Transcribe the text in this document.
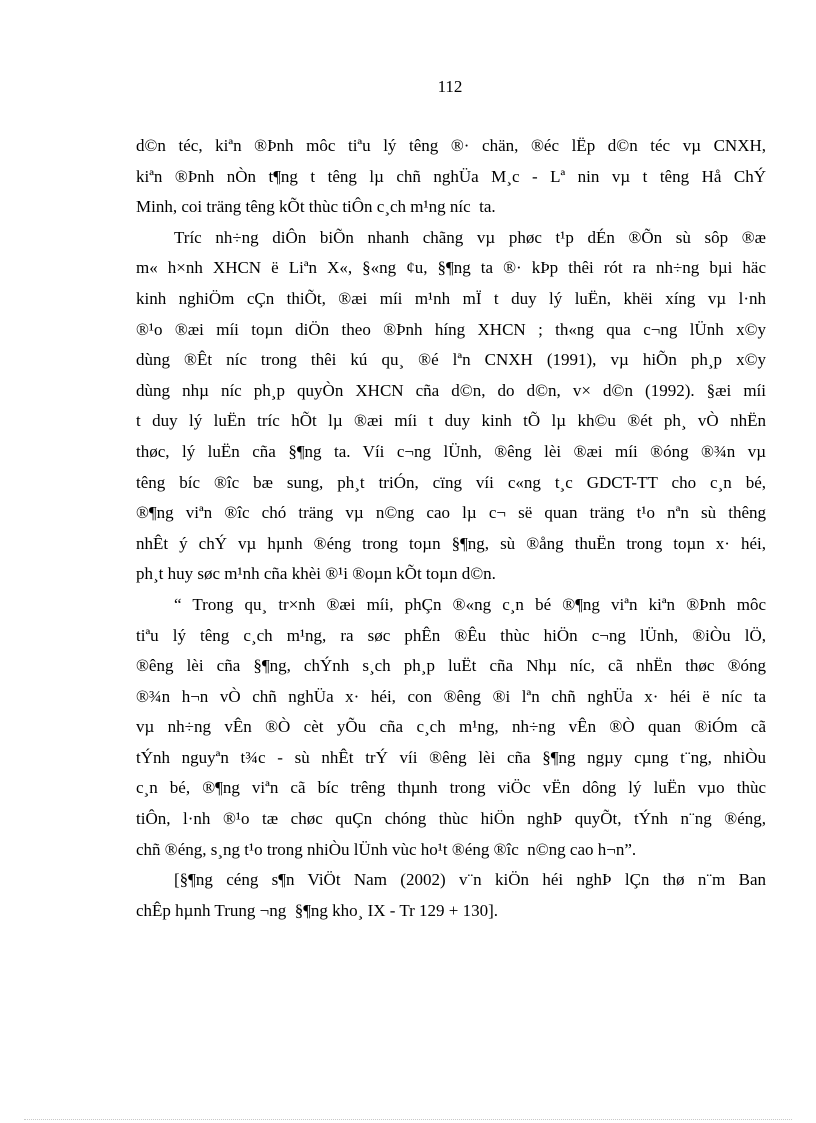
112
d©n téc, kiªn ®Þnh môc tiªu lý têng ®· chän, ®éc lËp d©n téc vµ CNXH,
kiªn ®Þnh nÒn t¶ng t têng lµ chñ nghÜa M¸c - Lª nin vµ t têng Hå ChÝ
Minh, coi träng têng kÕt thùc tiÔn c¸ch m¹ng níc  ta.
Tríc nh÷ng diÔn biÕn nhanh chãng vµ phøc t¹p dÉn ®Õn sù sôp ®æ
m« h×nh XHCN ë Liªn X«, §«ng ¢u, §¶ng ta ®· kÞp thêi rót ra nh÷ng bµi häc
kinh nghiÖm cÇn thiÕt, ®æi míi m¹nh mÏ t duy lý luËn, khëi xíng vµ l·nh
®¹o ®æi míi toµn diÖn theo ®Þnh híng XHCN ; th«ng qua c¬ng lÜnh x©y
dùng ®Êt níc trong thêi kú qu¸ ®é lªn CNXH (1991), vµ hiÕn ph¸p x©y
dùng nhµ níc ph¸p quyÒn XHCN cña d©n, do d©n, v× d©n (1992). §æi míi
t duy lý luËn tríc hÕt lµ ®æi míi t duy kinh tÕ lµ kh©u ®ét ph¸ vÒ nhËn
thøc, lý luËn cña §¶ng ta. Víi c¬ng lÜnh, ®êng lèi ®æi míi ®óng ®¾n vµ
têng bíc ®îc bæ sung, ph¸t triÓn, cïng víi c«ng t¸c GDCT-TT cho c¸n bé,
®¶ng viªn ®îc chó träng vµ n©ng cao lµ c¬ së quan träng t¹o nªn sù thêng
nhÊt ý chÝ vµ hµnh ®éng trong toµn §¶ng, sù ®ång thuËn trong toµn x· héi,
ph¸t huy søc m¹nh cña khèi ®¹i ®oµn kÕt toµn d©n.
“ Trong qu¸ tr×nh ®æi míi, phÇn ®«ng c¸n bé ®¶ng viªn kiªn ®Þnh môc
tiªu lý têng c¸ch m¹ng, ra søc phÊn ®Êu thùc hiÖn c¬ng lÜnh, ®iÒu lÖ,
®êng lèi cña §¶ng, chÝnh s¸ch ph¸p luËt cña Nhµ níc, cã nhËn thøc ®óng
®¾n h¬n vÒ chñ nghÜa x· héi, con ®êng ®i lªn chñ nghÜa x· héi ë níc ta
vµ nh÷ng vÊn ®Ò cèt yÕu cña c¸ch m¹ng, nh÷ng vÊn ®Ò quan ®iÓm cã
tÝnh nguyªn t¾c - sù nhÊt trÝ víi ®êng lèi cña §¶ng ngµy cµng t¨ng, nhiÒu
c¸n bé, ®¶ng viªn cã bíc trêng thµnh trong viÖc vËn dông lý luËn vµo thùc
tiÔn, l·nh ®¹o tæ chøc quÇn chóng thùc hiÖn nghÞ quyÕt, tÝnh n¨ng ®éng,
chñ ®éng, s¸ng t¹o trong nhiÒu lÜnh vùc ho¹t ®éng ®îc  n©ng cao h¬n”.
[§¶ng céng s¶n ViÖt Nam (2002) v¨n kiÖn héi nghÞ lÇn thø n¨m Ban
chÊp hµnh Trung ¬ng  §¶ng kho¸ IX - Tr 129 + 130].
